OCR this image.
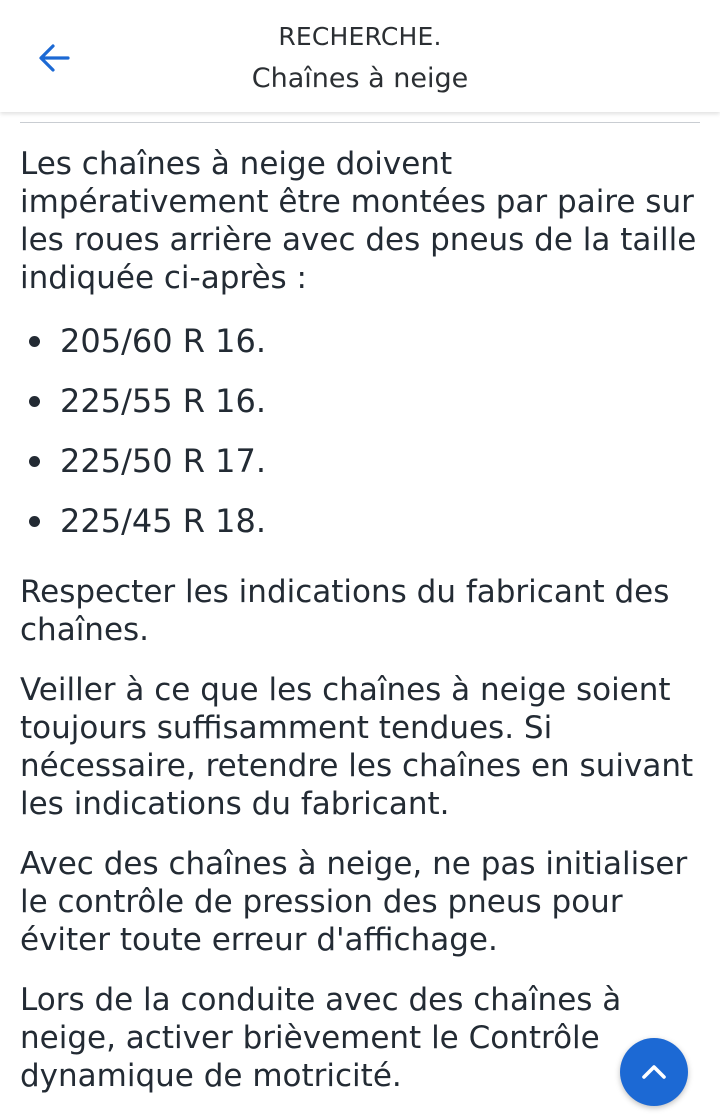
RECHERCHE.
Chaînes à neige

Les chaînes à neige doivent impérativement être montées par paire sur les roues arrière avec des pneus de la taille indiquée ci-après :

205/60 R 16.
225/55 R 16.
225/50 R 17.
225/45 R 18.

Respecter les indications du fabricant des chaînes.

Veiller à ce que les chaînes à neige soient toujours suffisamment tendues. Si nécessaire, retendre les chaînes en suivant les indications du fabricant.

Avec des chaînes à neige, ne pas initialiser le contrôle de pression des pneus pour éviter toute erreur d'affichage.

Lors de la conduite avec des chaînes à neige, activer brièvement le Contrôle dynamique de motricité.
